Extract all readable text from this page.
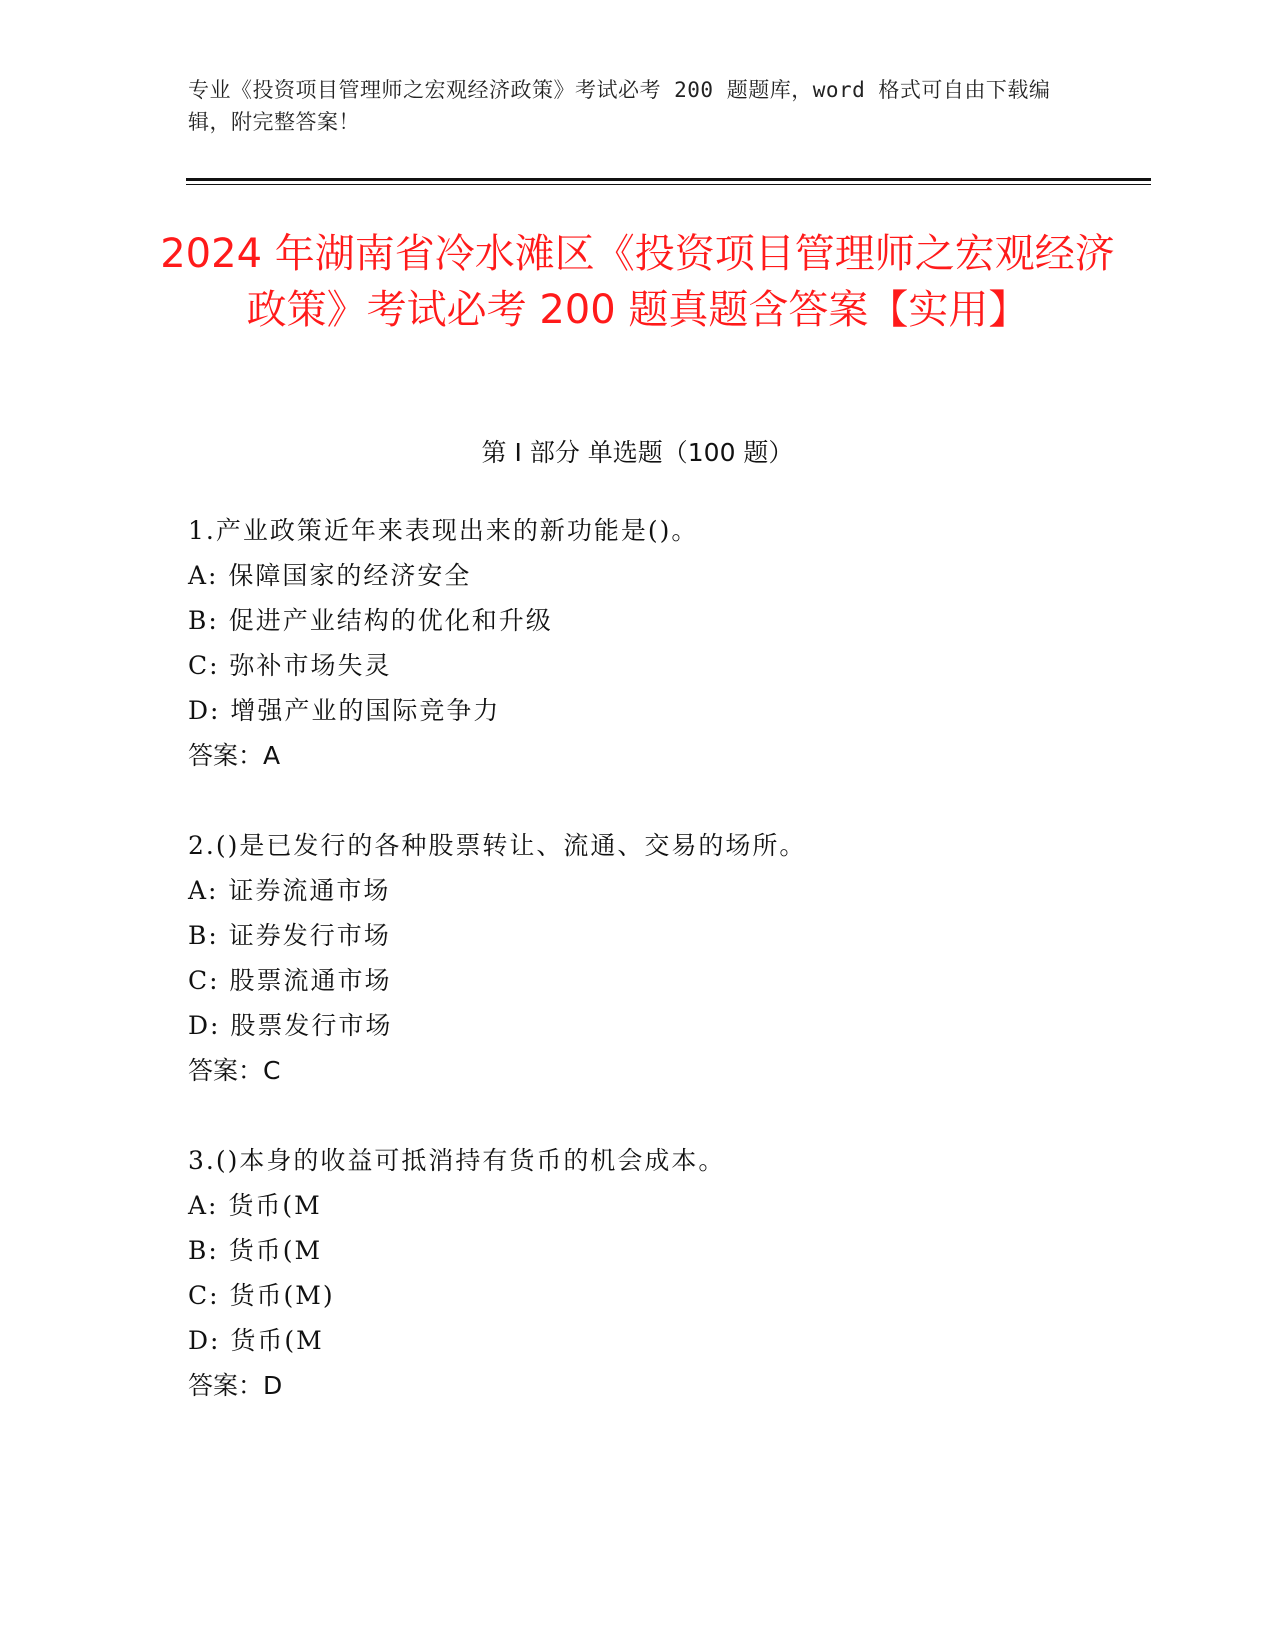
专业《投资项目管理师之宏观经济政策》考试必考 200 题题库，word 格式可自由下载编辑，附完整答案！
2024 年湖南省冷水滩区《投资项目管理师之宏观经济政策》考试必考 200 题真题含答案【实用】
第 I 部分 单选题（100 题）
1.产业政策近年来表现出来的新功能是()。
A: 保障国家的经济安全
B: 促进产业结构的优化和升级
C: 弥补市场失灵
D: 增强产业的国际竞争力
答案：A
2.()是已发行的各种股票转让、流通、交易的场所。
A: 证券流通市场
B: 证券发行市场
C: 股票流通市场
D: 股票发行市场
答案：C
3.()本身的收益可抵消持有货币的机会成本。
A: 货币(M
B: 货币(M
C: 货币(M)
D: 货币(M
答案：D
